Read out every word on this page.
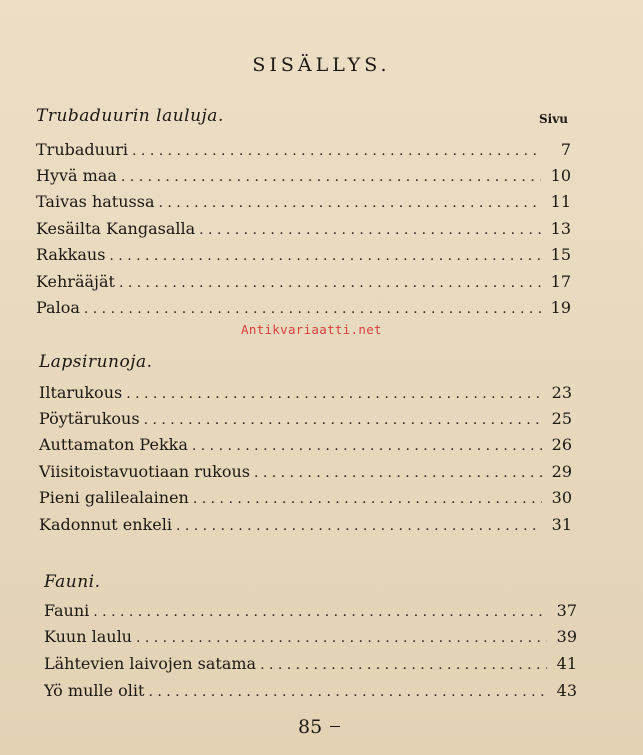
SISÄLLYS.
Sivu
Trubaduurin lauluja.
Trubaduuri . . .	7
Hyvä maa . . .	10
Taivas hatussa . . .	11
Kesäilta Kangasalla . . .	13
Rakkaus . . .	15
Kehrääjät . . .	17
Paloa . . .	19
Antikvariaatti.net
Lapsirunoja.
Iltarukous . . .	23
Pöytärukous . . .	25
Auttamaton Pekka . . .	26
Viisitoistavuotiaan rukous . . .	29
Pieni galilealainen . . .	30
Kadonnut enkeli . . .	31
Fauni.
Fauni . . .	37
Kuun laulu . . .	39
Lähtevien laivojen satama . . .	41
Yö mulle olit . . .	43
85
